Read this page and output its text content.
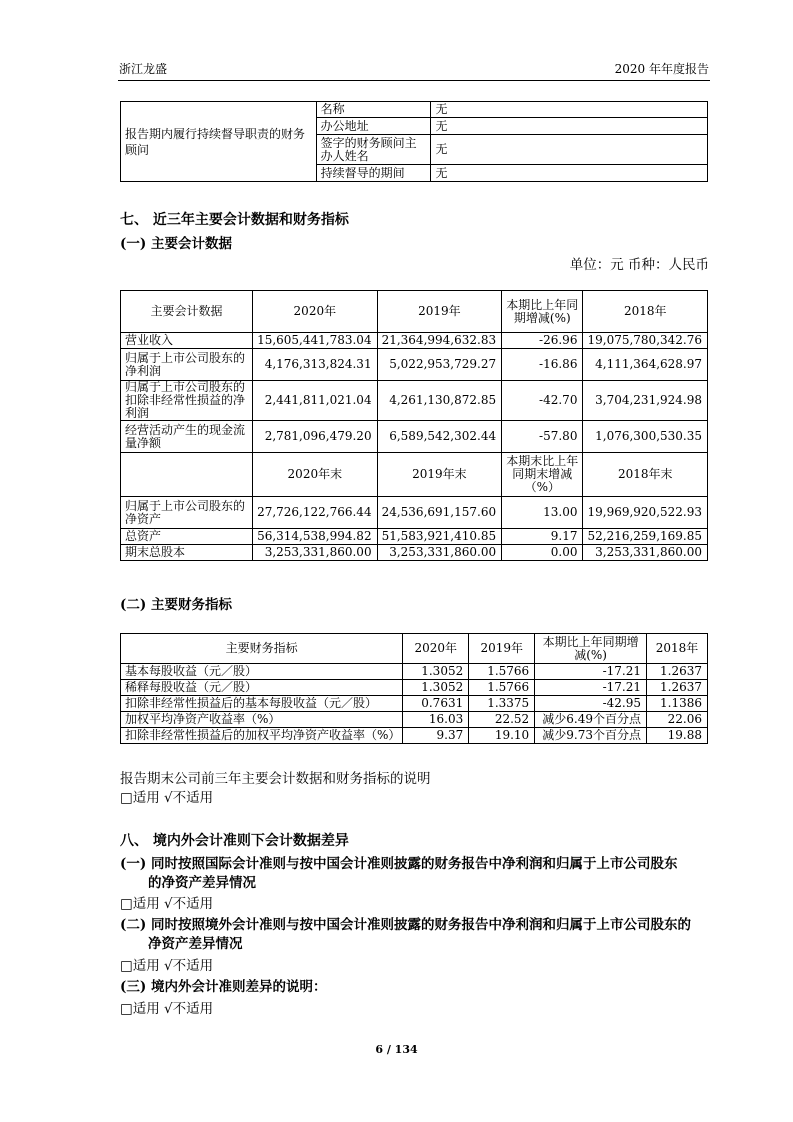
浙江龙盛	2020 年年度报告
报告期内履行持续督导职责的财务顾问	名称	无
	办公地址	无
	签字的财务顾问主办人姓名	无
	持续督导的期间	无
七、 近三年主要会计数据和财务指标
(一) 主要会计数据
单位：元 币种：人民币
主要会计数据	2020年	2019年	本期比上年同期增减(%)	2018年
营业收入	15,605,441,783.04	21,364,994,632.83	-26.96	19,075,780,342.76
归属于上市公司股东的净利润	4,176,313,824.31	5,022,953,729.27	-16.86	4,111,364,628.97
归属于上市公司股东的扣除非经常性损益的净利润	2,441,811,021.04	4,261,130,872.85	-42.70	3,704,231,924.98
经营活动产生的现金流量净额	2,781,096,479.20	6,589,542,302.44	-57.80	1,076,300,530.35
	2020年末	2019年末	本期末比上年同期末增减（%）	2018年末
归属于上市公司股东的净资产	27,726,122,766.44	24,536,691,157.60	13.00	19,969,920,522.93
总资产	56,314,538,994.82	51,583,921,410.85	9.17	52,216,259,169.85
期末总股本	3,253,331,860.00	3,253,331,860.00	0.00	3,253,331,860.00
(二) 主要财务指标
主要财务指标	2020年	2019年	本期比上年同期增减(%)	2018年
基本每股收益（元／股）	1.3052	1.5766	-17.21	1.2637
稀释每股收益（元／股）	1.3052	1.5766	-17.21	1.2637
扣除非经常性损益后的基本每股收益（元／股）	0.7631	1.3375	-42.95	1.1386
加权平均净资产收益率（%）	16.03	22.52	减少6.49个百分点	22.06
扣除非经常性损益后的加权平均净资产收益率（%）	9.37	19.10	减少9.73个百分点	19.88
报告期末公司前三年主要会计数据和财务指标的说明
□适用 √不适用
八、 境内外会计准则下会计数据差异
(一) 同时按照国际会计准则与按中国会计准则披露的财务报告中净利润和归属于上市公司股东
的净资产差异情况
□适用 √不适用
(二) 同时按照境外会计准则与按中国会计准则披露的财务报告中净利润和归属于上市公司股东的
净资产差异情况
□适用 √不适用
(三) 境内外会计准则差异的说明：
□适用 √不适用
6 / 134
